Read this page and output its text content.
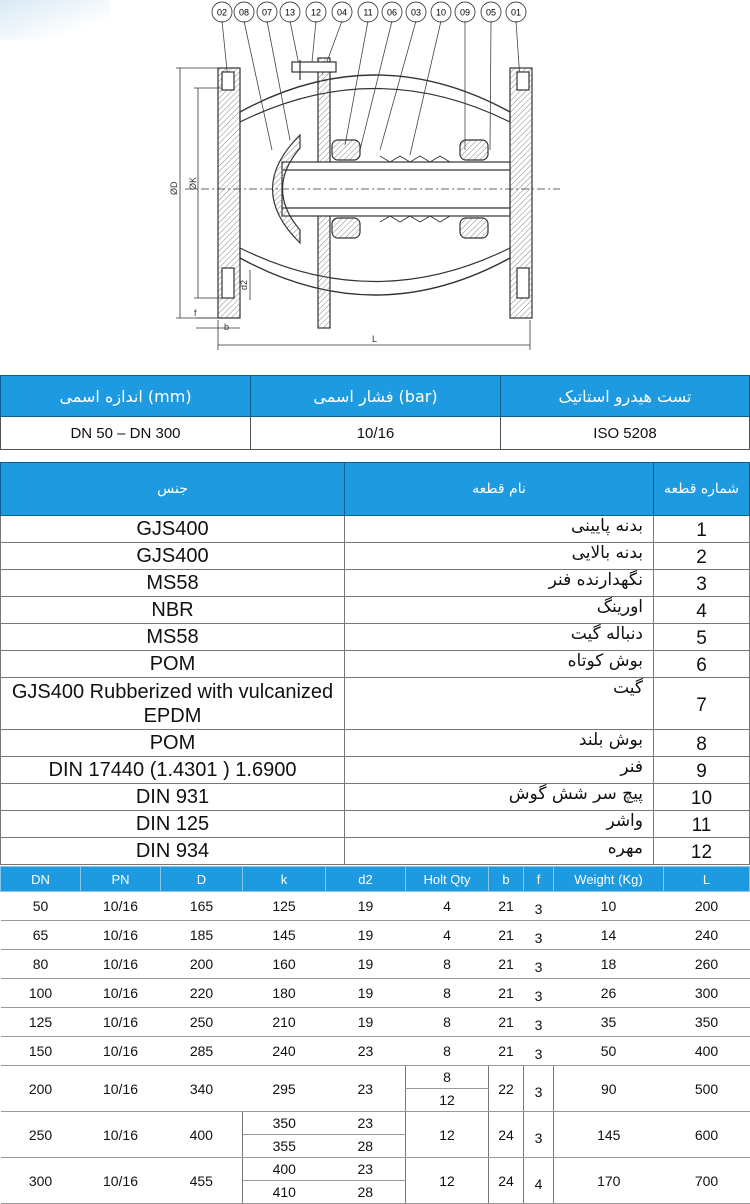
02 08 07 13 12 04 11 06 03 10 09 05 01
ØD ØK
d2
f
b
L
اندازه اسمی (mm)	فشار اسمی (bar)	تست هیدرو استاتیک
DN 50 – DN 300	10/16	ISO 5208
جنس	نام قطعه	شماره قطعه
GJS400	بدنه پایینی	1
GJS400	بدنه بالایی	2
MS58	نگهدارنده فنر	3
NBR	اورینگ	4
MS58	دنباله گیت	5
POM	بوش کوتاه	6
GJS400 Rubberized with vulcanized EPDM	گیت	7
POM	بوش بلند	8
DIN 17440 (1.4301 ) 1.6900	فنر	9
DIN 931	پیچ سر شش گوش	10
DIN 125	واشر	11
DIN 934	مهره	12
DN	PN	D	k	d2	Holt Qty	b	f	Weight (Kg)	L
50	10/16	165	125	19	4	21	3	10	200
65	10/16	185	145	19	4	21	3	14	240
80	10/16	200	160	19	8	21	3	18	260
100	10/16	220	180	19	8	21	3	26	300
125	10/16	250	210	19	8	21	3	35	350
150	10/16	285	240	23	8	21	3	50	400
200	10/16	340	295	23	8	22	3	90	500
					12				
250	10/16	400	350	23	12	24	3	145	600
			355	28					
300	10/16	455	400	23	12	24	4	170	700
			410	28					
